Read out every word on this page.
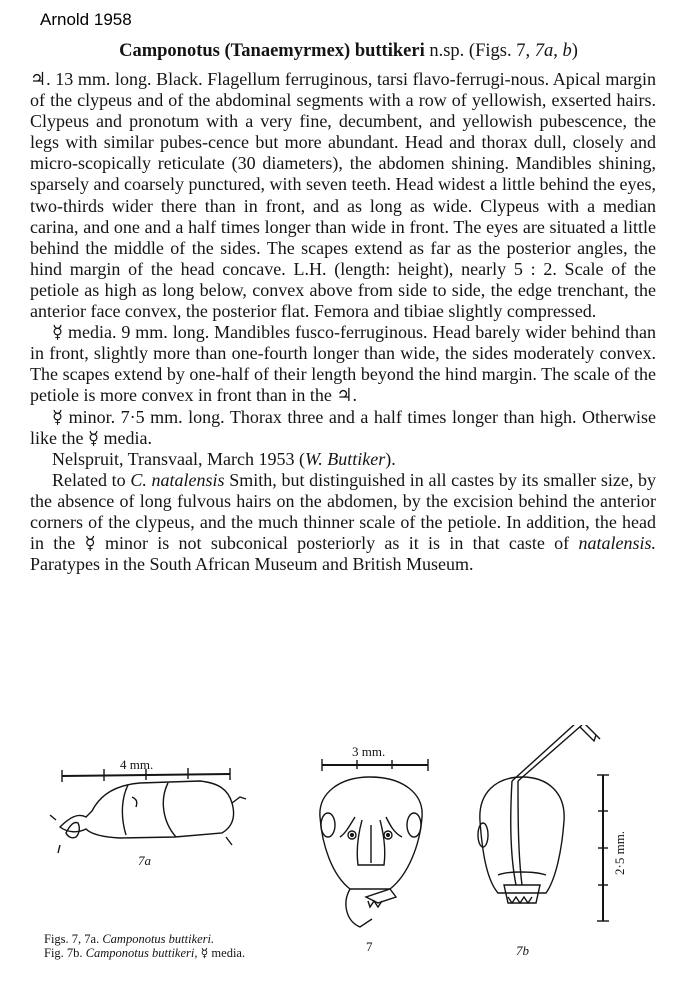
Arnold 1958
Camponotus (Tanaemyrmex) buttikeri n.sp. (Figs. 7, 7a, b)

♃. 13 mm. long. Black. Flagellum ferruginous, tarsi flavo-ferrugi-nous. Apical margin of the clypeus and of the abdominal segments with a row of yellowish, exserted hairs. Clypeus and pronotum with a very fine, decumbent, and yellowish pubescence, the legs with similar pubes-cence but more abundant. Head and thorax dull, closely and micro-scopically reticulate (30 diameters), the abdomen shining. Mandibles shining, sparsely and coarsely punctured, with seven teeth. Head widest a little behind the eyes, two-thirds wider there than in front, and as long as wide. Clypeus with a median carina, and one and a half times longer than wide in front. The eyes are situated a little behind the middle of the sides. The scapes extend as far as the posterior angles, the hind margin of the head concave. L.H. (length: height), nearly 5 : 2. Scale of the petiole as high as long below, convex above from side to side, the edge trenchant, the anterior face convex, the posterior flat. Femora and tibiae slightly compressed.

☿ media. 9 mm. long. Mandibles fusco-ferruginous. Head barely wider behind than in front, slightly more than one-fourth longer than wide, the sides moderately convex. The scapes extend by one-half of their length beyond the hind margin. The scale of the petiole is more convex in front than in the ♃.

☿ minor. 7·5 mm. long. Thorax three and a half times longer than high. Otherwise like the ☿ media.

Nelspruit, Transvaal, March 1953 (W. Buttiker).

Related to C. natalensis Smith, but distinguished in all castes by its smaller size, by the absence of long fulvous hairs on the abdomen, by the excision behind the anterior corners of the clypeus, and the much thinner scale of the petiole. In addition, the head in the ☿ minor is not subconical posteriorly as it is in that caste of natalensis. Paratypes in the South African Museum and British Museum.

4 mm.
7a
3 mm.
7
2·5 mm.
7b
Figs. 7, 7a. Camponotus buttikeri.
Fig. 7b. Camponotus buttikeri, ☿ media.
